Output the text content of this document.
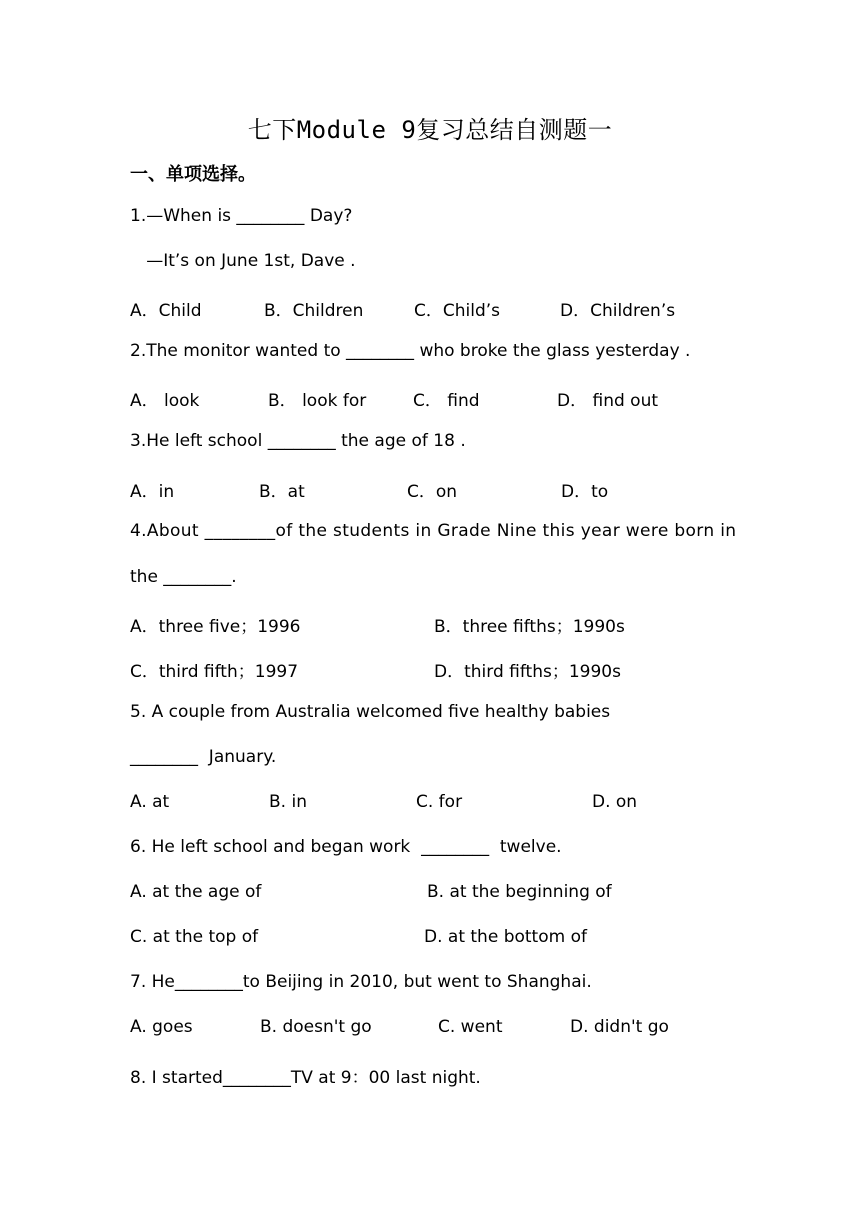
七下Module 9复习总结自测题一
一、单项选择。
1.—When is ________ Day?
—It’s on June 1st, Dave .
A．Child	B．Children	C．Child’s	D．Children’s
2.The monitor wanted to ________ who broke the glass yesterday .
A． look	B． look for	C． find	D． find out
3.He left school ________ the age of 18 .
A．in	B．at	C．on	D．to
4.About ________of the students in Grade Nine this year were born in
the ________.
A．three five；1996	B．three fifths；1990s
C．third fifth；1997	D．third fifths；1990s
5. A couple from Australia welcomed five healthy babies
________  January.
A. at	B. in	C. for	D. on
6. He left school and began work  ________  twelve.
A. at the age of	B. at the beginning of
C. at the top of	D. at the bottom of
7. He________to Beijing in 2010, but went to Shanghai.
A. goes	B. doesn't go	C. went	D. didn't go
8. I started________TV at 9：00 last night.
